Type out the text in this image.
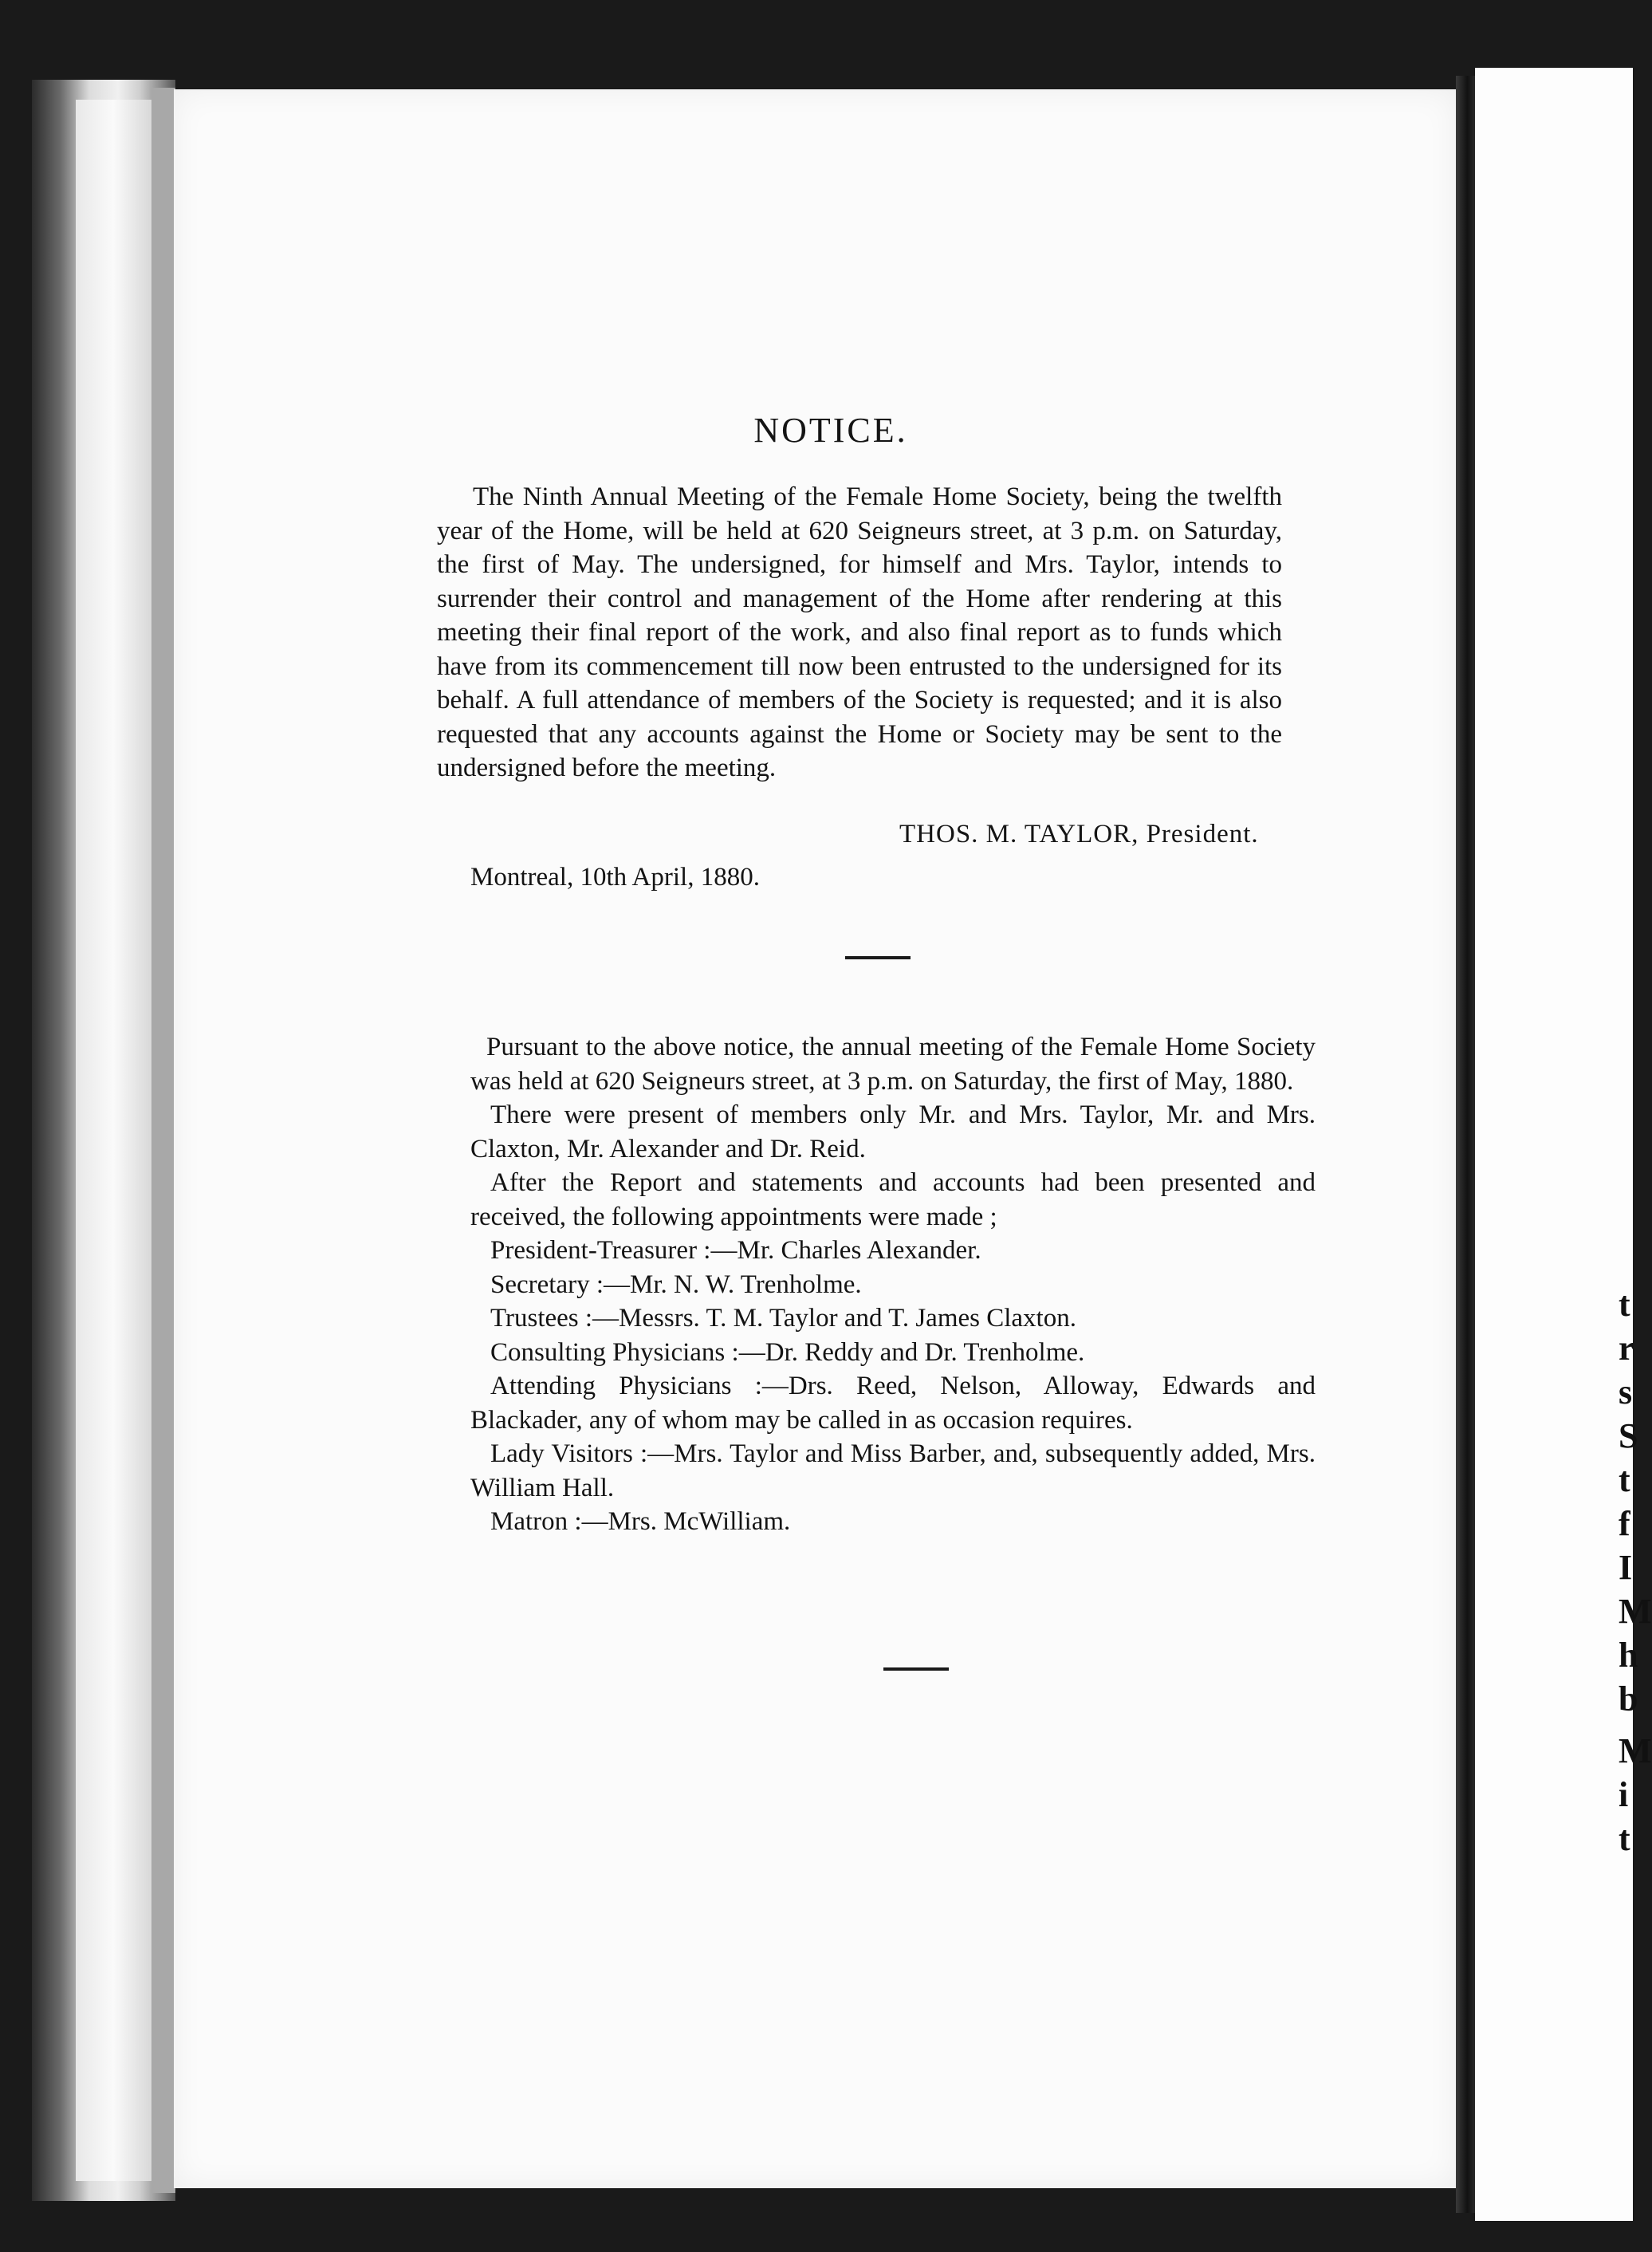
NOTICE.
The Ninth Annual Meeting of the Female Home Society, being the twelfth year of the Home, will be held at 620 Seigneurs street, at 3 p.m. on Saturday, the first of May. The undersigned, for himself and Mrs. Taylor, intends to surrender their control and management of the Home after rendering at this meeting their final report of the work, and also final report as to funds which have from its commencement till now been entrusted to the undersigned for its behalf. A full attendance of members of the Society is requested; and it is also requested that any accounts against the Home or Society may be sent to the undersigned before the meeting.
THOS. M. TAYLOR, President.
Montreal, 10th April, 1880.

Pursuant to the above notice, the annual meeting of the Female Home Society was held at 620 Seigneurs street, at 3 p.m. on Saturday, the first of May, 1880.

There were present of members only Mr. and Mrs. Taylor, Mr. and Mrs. Claxton, Mr. Alexander and Dr. Reid.

After the Report and statements and accounts had been presented and received, the following appointments were made ;

President-Treasurer :—Mr. Charles Alexander.

Secretary :—Mr. N. W. Trenholme.

Trustees :—Messrs. T. M. Taylor and T. James Claxton.

Consulting Physicians :—Dr. Reddy and Dr. Trenholme.

Attending Physicians :—Drs. Reed, Nelson, Alloway, Edwards and Blackader, any of whom may be called in as occasion requires.

Lady Visitors :—Mrs. Taylor and Miss Barber, and, subsequently added, Mrs. William Hall.

Matron :—Mrs. McWilliam.

t
r
s
S
t
f
I
M
h
b
M
i
t
